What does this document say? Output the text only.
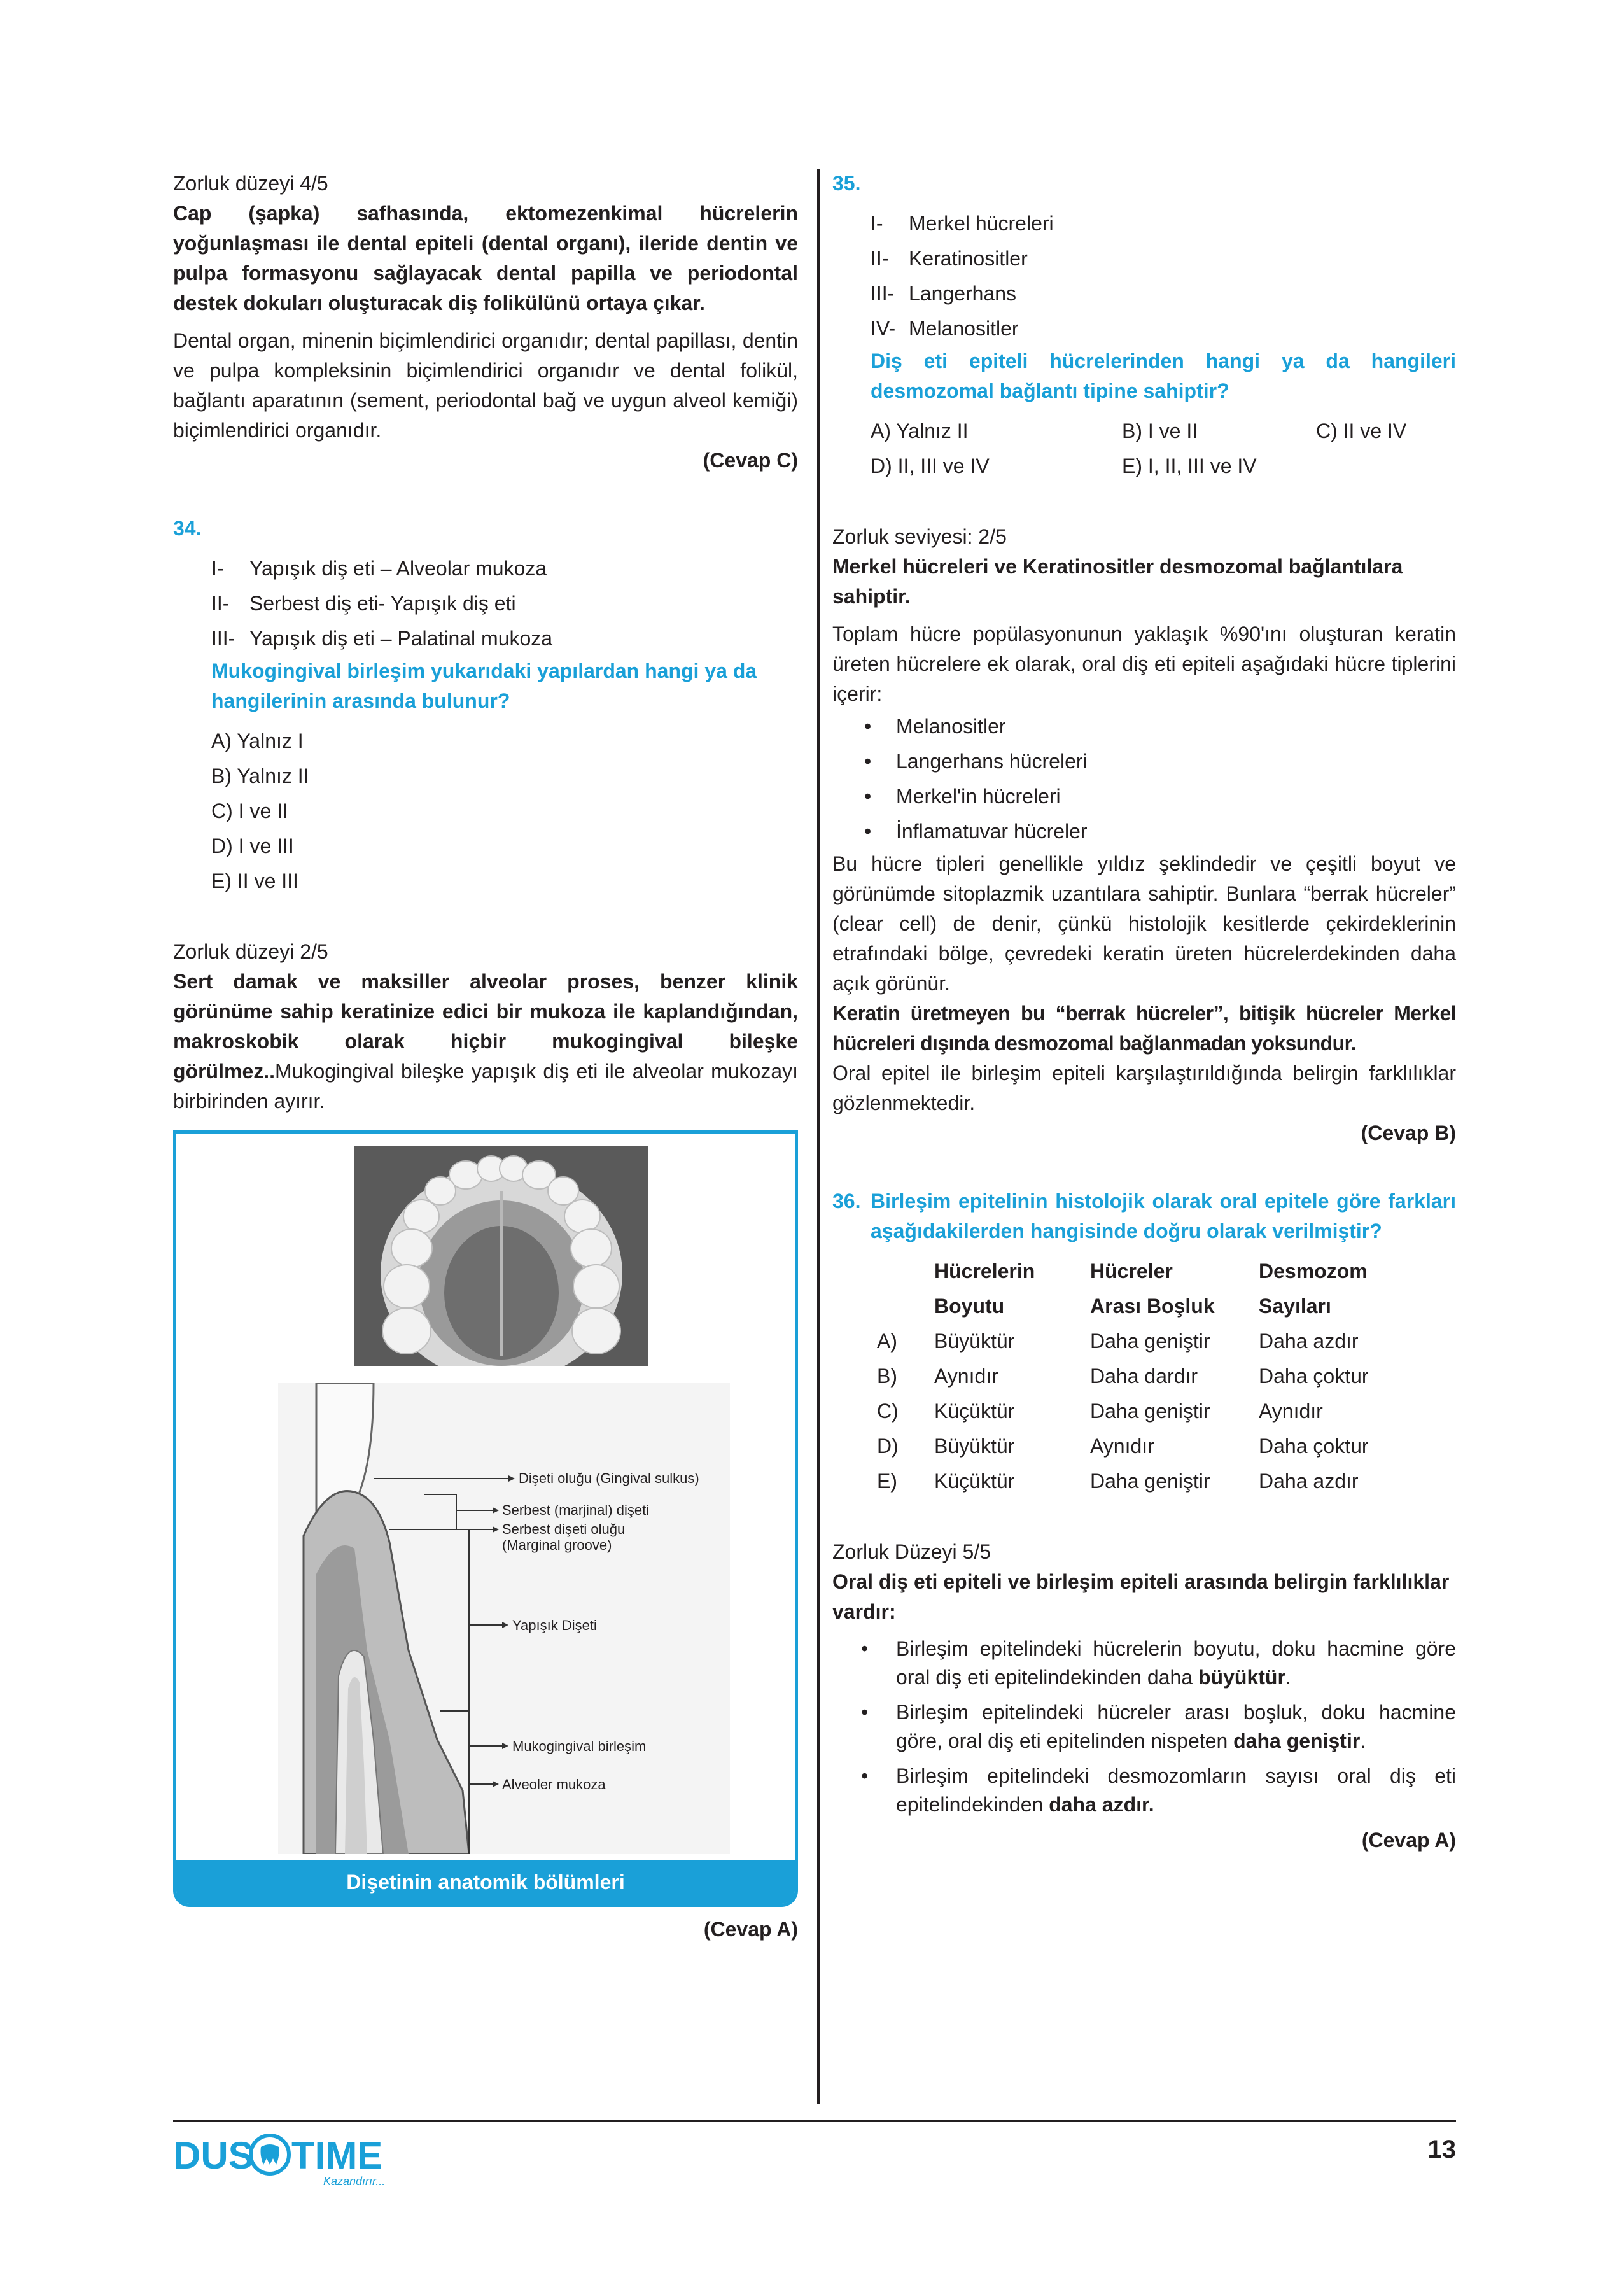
Zorluk düzeyi 4/5

Cap (şapka) safhasında, ektomezenkimal hücrelerin yoğunlaşması ile dental epiteli (dental organı), ileride dentin ve pulpa formasyonu sağlayacak dental papilla ve periodontal destek dokuları oluşturacak diş folikülünü ortaya çıkar.

Dental organ, minenin biçimlendirici organıdır; dental papillası, dentin ve pulpa kompleksinin biçimlendirici organıdır ve dental folikül, bağlantı aparatının (sement, periodontal bağ ve uygun alveol kemiği) biçimlendirici organıdır.

(Cevap C)

34.

I-	Yapışık diş eti – Alveolar mukoza
II- Serbest diş eti- Yapışık diş eti
III- Yapışık diş eti – Palatinal mukoza

Mukogingival birleşim yukarıdaki yapılardan hangi ya da hangilerinin arasında bulunur?

A) Yalnız I
B) Yalnız II
C) I ve II
D) I ve III
E) II ve III

Zorluk düzeyi 2/5

Sert damak ve maksiller alveolar proses, benzer klinik görünüme sahip keratinize edici bir mukoza ile kaplandığından, makroskobik olarak hiçbir mukogingival bileşke görülmez..Mukogingival bileşke yapışık diş eti ile alveolar mukozayı birbirinden ayırır.

Dişeti oluğu (Gingival sulkus)
Serbest (marjinal) dişeti
Serbest dişeti oluğu
(Marginal groove)
Yapışık Dişeti
Mukogingival birleşim
Alveoler mukoza
Dişetinin anatomik bölümleri

(Cevap A)

35.

I-	Merkel hücreleri
II- Keratinositler
III- Langerhans
IV- Melanositler

Diş eti epiteli hücrelerinden hangi ya da hangileri desmozomal bağlantı tipine sahiptir?

A) Yalnız II	B) I ve II	C) II ve IV
D) II, III ve IV	E) I, II, III ve IV

Zorluk seviyesi: 2/5

Merkel hücreleri ve Keratinositler desmozomal bağlantılara sahiptir.

Toplam hücre popülasyonunun yaklaşık %90'ını oluşturan keratin üreten hücrelere ek olarak, oral diş eti epiteli aşağıdaki hücre tiplerini içerir:

•	Melanositler
•	Langerhans hücreleri
•	Merkel'in hücreleri
•	İnflamatuvar hücreler

Bu hücre tipleri genellikle yıldız şeklindedir ve çeşitli boyut ve görünümde sitoplazmik uzantılara sahiptir. Bunlara “berrak hücreler” (clear cell) de denir, çünkü histolojik kesitlerde çekirdeklerinin etrafındaki bölge, çevredeki keratin üreten hücrelerdekinden daha açık görünür.

Keratin üretmeyen bu “berrak hücreler”, bitişik hücreler Merkel hücreleri dışında desmozomal bağlanmadan yoksundur.

Oral epitel ile birleşim epiteli karşılaştırıldığında belirgin farklılıklar gözlenmektedir.

(Cevap B)

36. Birleşim epitelinin histolojik olarak oral epitele göre farkları aşağıdakilerden hangisinde doğru olarak verilmiştir?

Hücrelerin	Hücreler	Desmozom
Boyutu	Arası Boşluk	Sayıları
A)	Büyüktür	Daha geniştir	Daha azdır
B)	Aynıdır	Daha dardır	Daha çoktur
C)	Küçüktür	Daha geniştir	Aynıdır
D)	Büyüktür	Aynıdır	Daha çoktur
E)	Küçüktür	Daha geniştir	Daha azdır

Zorluk Düzeyi 5/5

Oral diş eti epiteli ve birleşim epiteli arasında belirgin farklılıklar vardır:

•	Birleşim epitelindeki hücrelerin boyutu, doku hacmine göre oral diş eti epitelindekinden daha büyüktür.

•	Birleşim epitelindeki hücreler arası boşluk, doku hacmine göre, oral diş eti epitelinden nispeten daha geniştir.

•	Birleşim epitelindeki desmozomların sayısı oral diş eti epitelindekinden daha azdır.

(Cevap A)

DUS TIME
Kazandırır...
13
